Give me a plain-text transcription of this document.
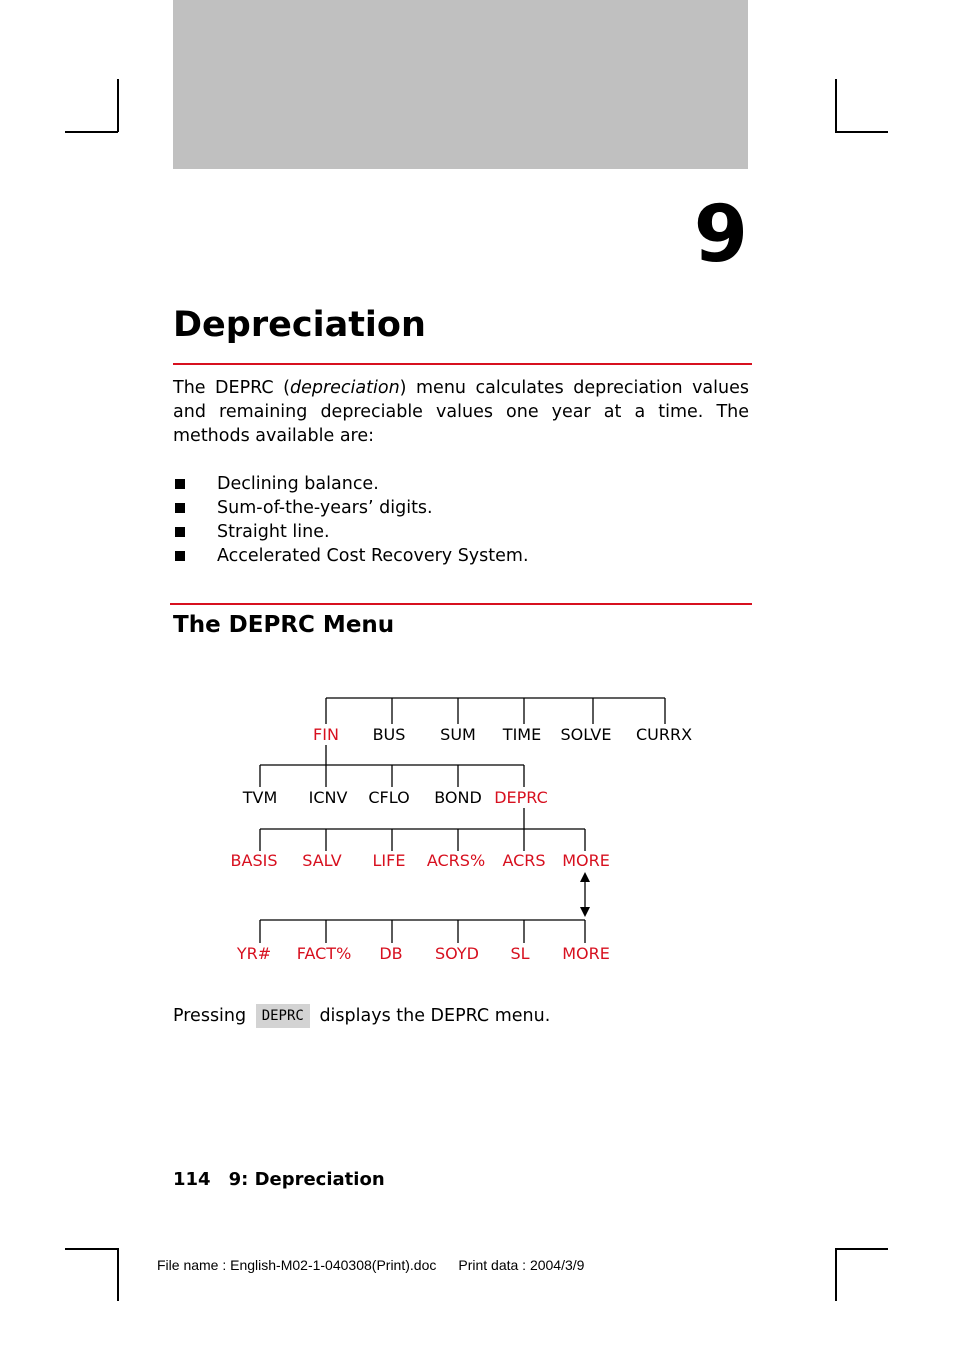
9
Depreciation
The DEPRC (depreciation) menu calculates depreciation values and remaining depreciable values one year at a time. The methods available are:
Declining balance.
Sum-of-the-years’ digits.
Straight line.
Accelerated Cost Recovery System.
The DEPRC Menu
FIN BUS SUM TIME SOLVE CURRX
TVM ICNV CFLO BOND DEPRC
BASIS SALV LIFE ACRS% ACRS MORE
YR# FACT% DB SOYD SL MORE
Pressing DEPRC displays the DEPRC menu.
114 9: Depreciation
File name : English-M02-1-040308(Print).doc Print data : 2004/3/9
